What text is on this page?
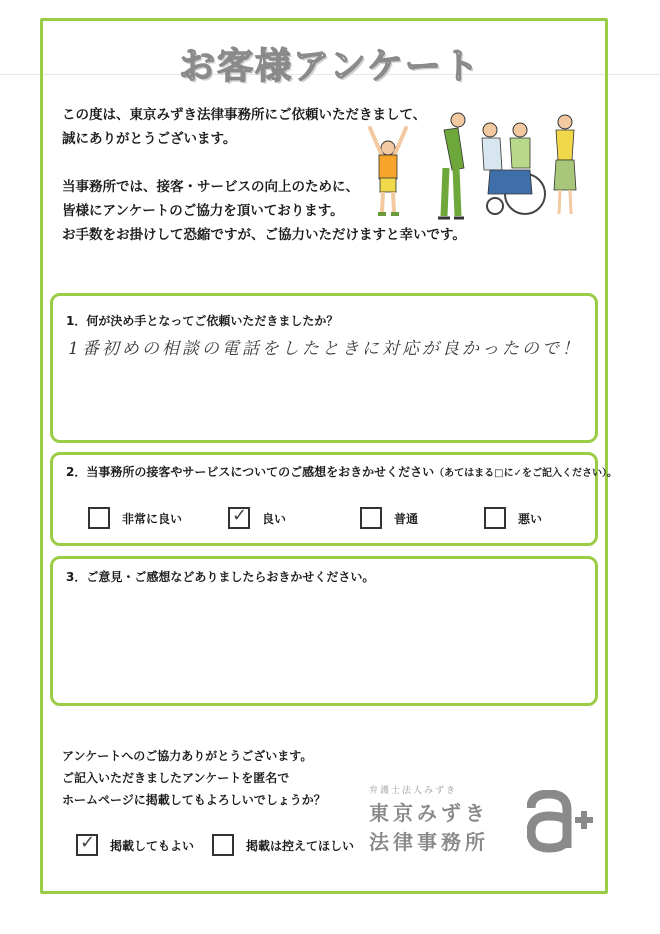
お客様アンケート
この度は、東京みずき法律事務所にご依頼いただきまして、
誠にありがとうございます。
当事務所では、接客・サービスの向上のために、
皆様にアンケートのご協力を頂いております。
お手数をお掛けして恐縮ですが、ご協力いただけますと幸いです。
1．何が決め手となってご依頼いただきましたか？
1番初めの相談の電話をしたときに対応が良かったので！
2．当事務所の接客やサービスについてのご感想をおきかせください（あてはまる□に✓をご記入ください）。
非常に良い	✓ 良い	普通	悪い
3．ご意見・ご感想などありましたらおきかせください。
アンケートへのご協力ありがとうございます。
ご記入いただきましたアンケートを匿名で
ホームページに掲載してもよろしいでしょうか？
✓ 掲載してもよい	掲載は控えてほしい
弁護士法人みずき
東京みずき
法律事務所
